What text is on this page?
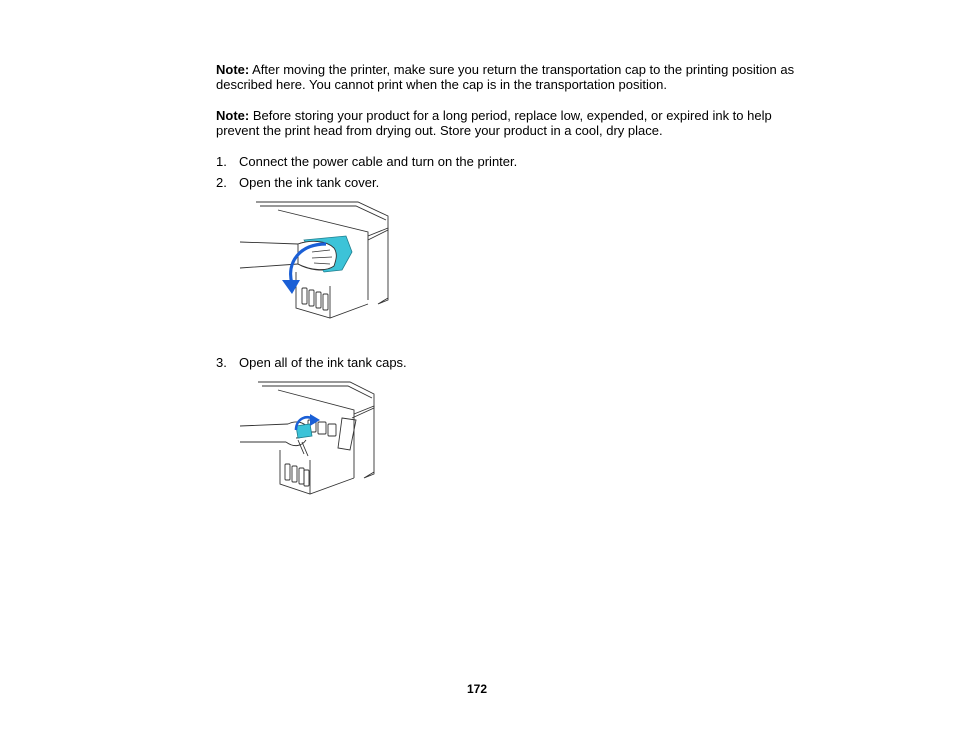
Note: After moving the printer, make sure you return the transportation cap to the printing position as described here. You cannot print when the cap is in the transportation position.

Note: Before storing your product for a long period, replace low, expended, or expired ink to help prevent the print head from drying out. Store your product in a cool, dry place.

1. Connect the power cable and turn on the printer.
2. Open the ink tank cover.
3. Open all of the ink tank caps.
172
